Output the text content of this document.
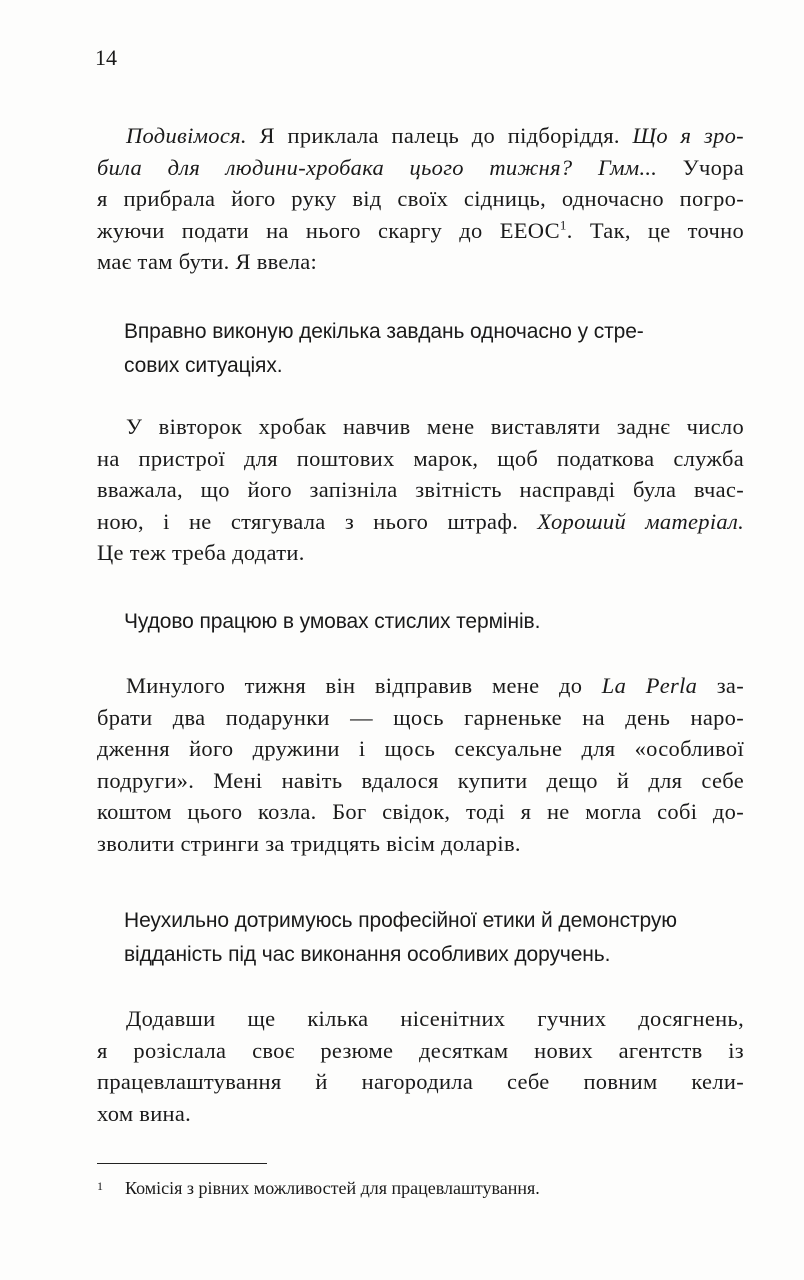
14
Подивімося. Я приклала палець до підборіддя. Що я зро-
била для людини-хробака цього тижня? Гмм... Учора
я прибрала його руку від своїх сідниць, одночасно погро-
жуючи подати на нього скаргу до ЕЕОС$^1$. Так, це точно
має там бути. Я ввела:
Вправно виконую декілька завдань одночасно у стре-
сових ситуаціях.
У вівторок хробак навчив мене виставляти заднє число
на пристрої для поштових марок, щоб податкова служба
вважала, що його запізніла звітність насправді була вчас-
ною, і не стягувала з нього штраф. Хороший матеріал.
Це теж треба додати.
Чудово працюю в умовах стислих термінів.
Минулого тижня він відправив мене до La Perla за-
брати два подарунки — щось гарненьке на день наро-
дження його дружини і щось сексуальне для «особливої
подруги». Мені навіть вдалося купити дещо й для себе
коштом цього козла. Бог свідок, тоді я не могла собі до-
зволити стринги за тридцять вісім доларів.
Неухильно дотримуюсь професійної етики й демонструю
відданість під час виконання особливих доручень.
Додавши ще кілька нісенітних гучних досягнень,
я розіслала своє резюме десяткам нових агентств із
працевлаштування й нагородила себе повним кели-
хом вина.
1 Комісія з рівних можливостей для працевлаштування.
